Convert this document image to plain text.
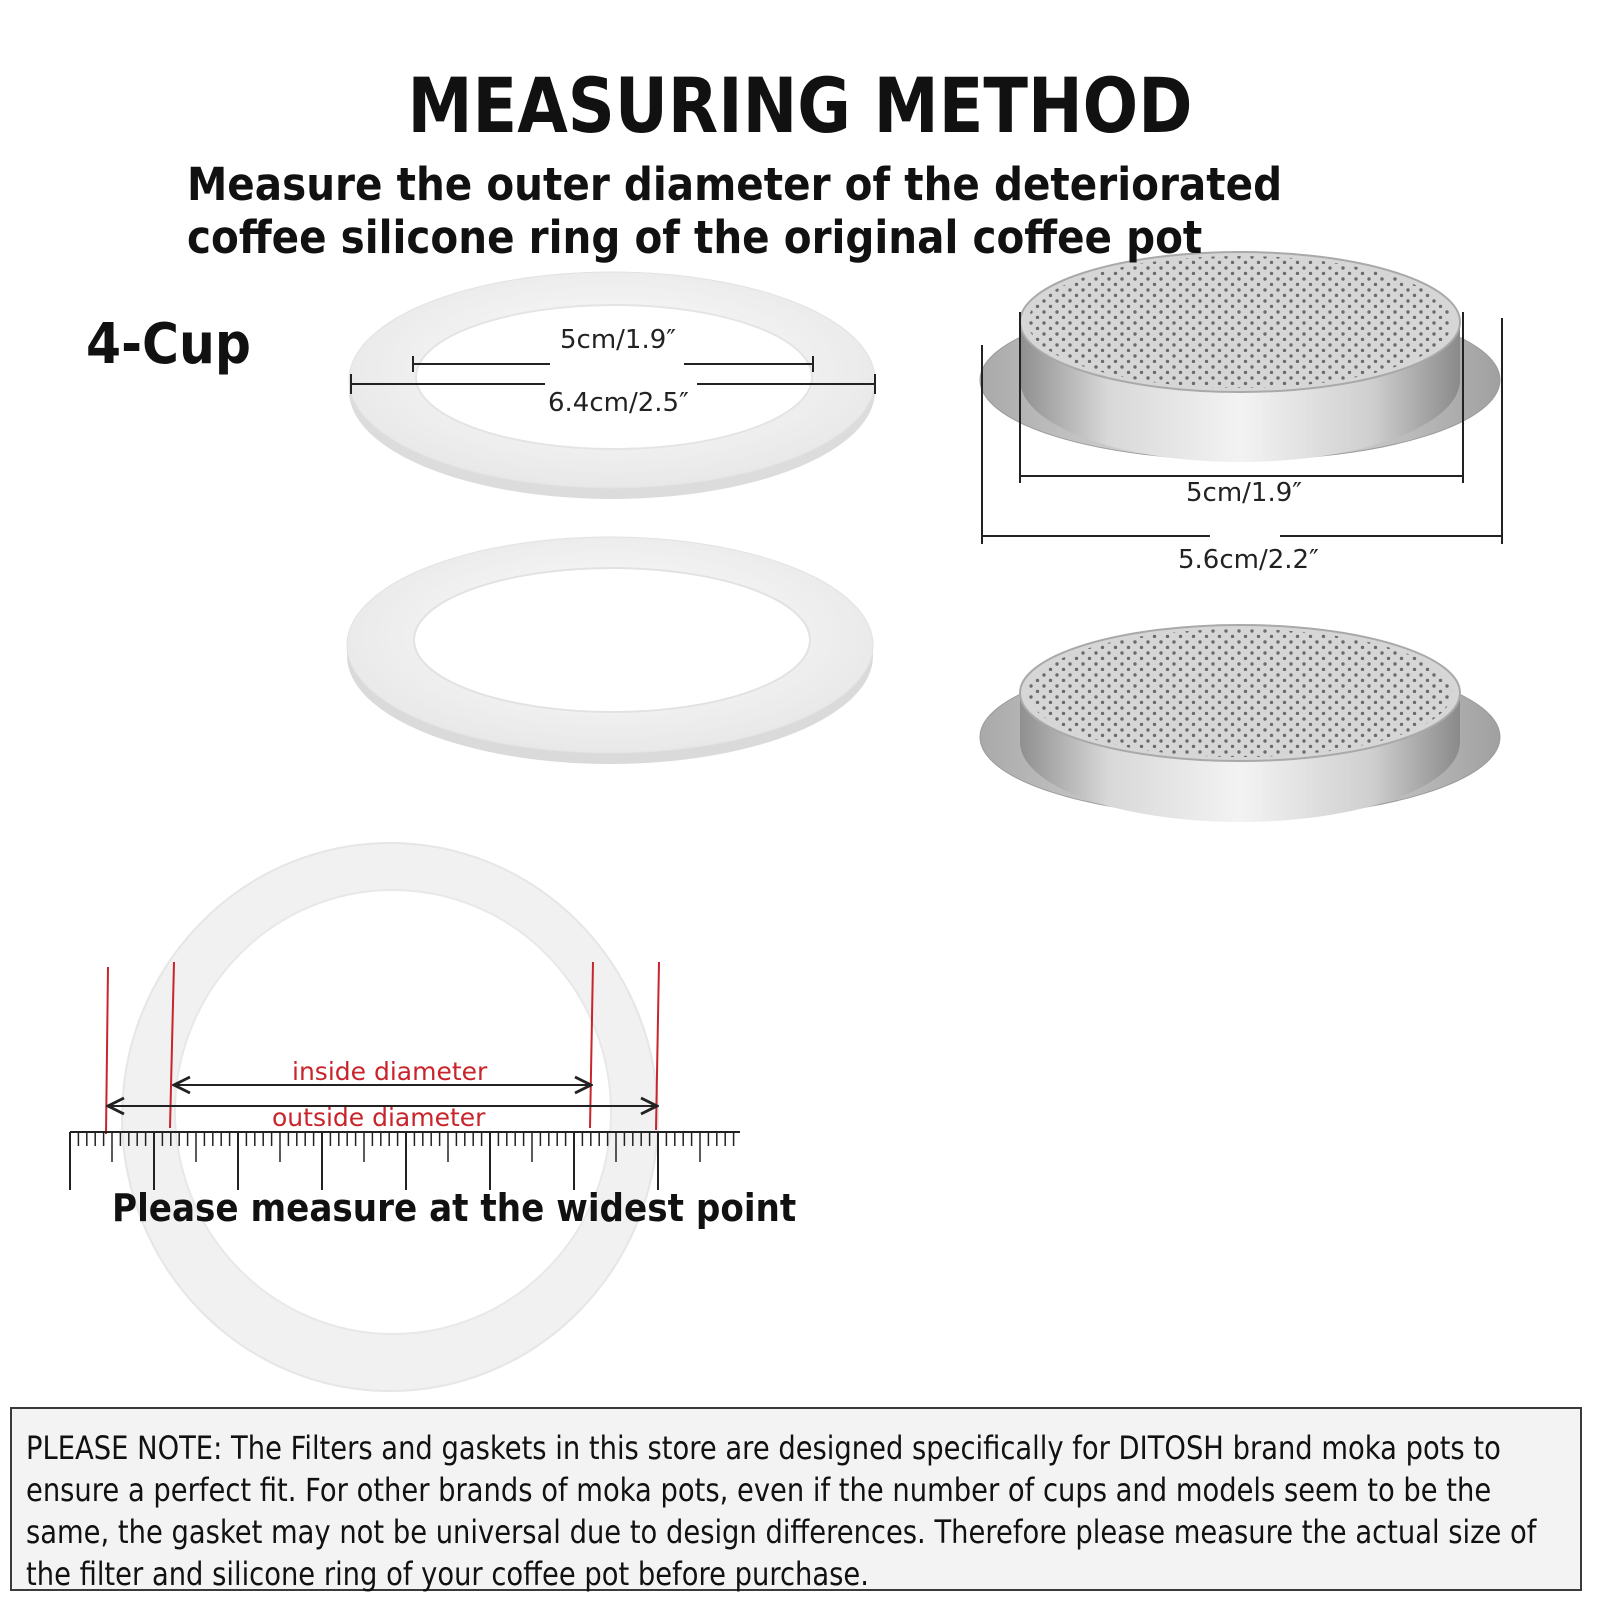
MEASURING METHOD
Measure the outer diameter of the deteriorated coffee silicone ring of the original coffee pot
4-Cup	5cm/1.9″
6.4cm/2.5″
5cm/1.9″
5.6cm/2.2″
inside diameter
outside diameter
Please measure at the widest point
PLEASE NOTE: The Filters and gaskets in this store are designed specifically for DITOSH brand moka pots to ensure a perfect fit. For other brands of moka pots, even if the number of cups and models seem to be the same, the gasket may not be universal due to design differences. Therefore please measure the actual size of the filter and silicone ring of your coffee pot before purchase.
